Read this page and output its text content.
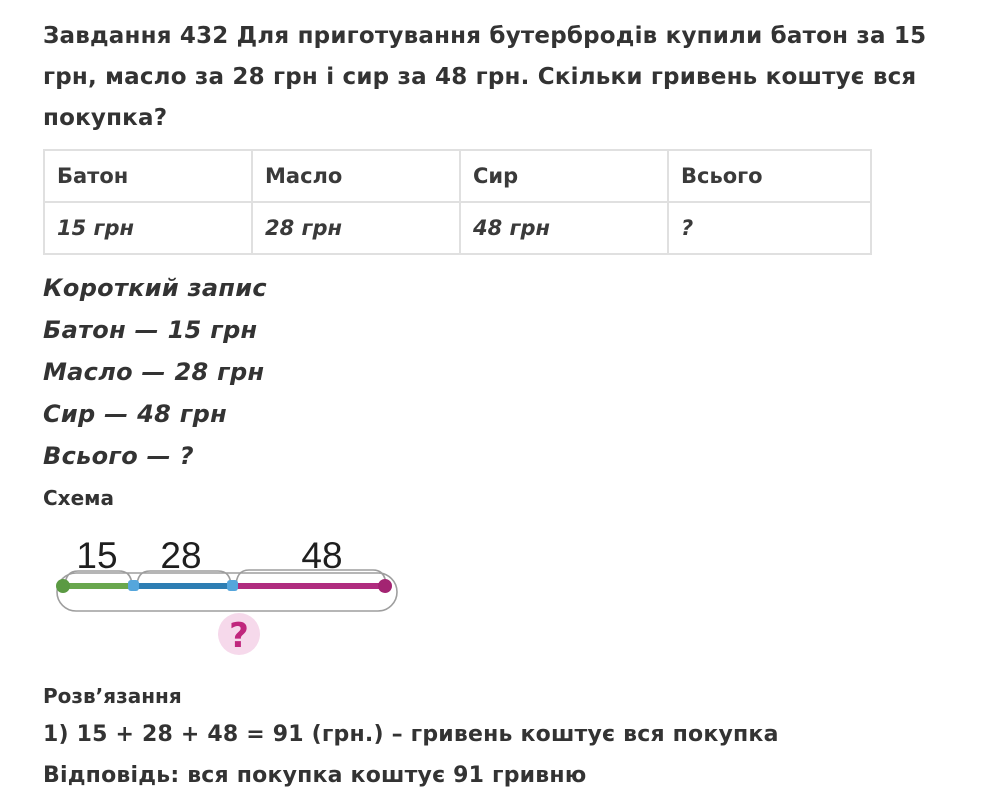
Завдання 432 Для приготування бутербродів купили батон за 15 грн, масло за 28 грн і сир за 48 грн. Скільки гривень коштує вся покупка?

Батон	Масло	Сир	Всього
15 грн	28 грн	48 грн	?

Короткий запис

Батон — 15 грн

Масло — 28 грн

Сир — 48 грн

Всього — ?

Схема

15 28	48
?

Розв’язання

1) 15 + 28 + 48 = 91 (грн.) – гривень коштує вся покупка

Відповідь: вся покупка коштує 91 гривню
